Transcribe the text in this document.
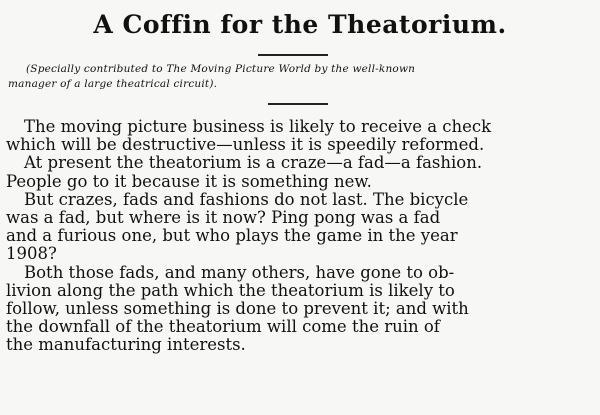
A Coffin for the Theatorium.
(Specially contributed to The Moving Picture World by the well-known
manager of a large theatrical circuit).
The moving picture business is likely to receive a check
which will be destructive—unless it is speedily reformed.
At present the theatorium is a craze—a fad—a fashion.
People go to it because it is something new.
But crazes, fads and fashions do not last. The bicycle
was a fad, but where is it now? Ping pong was a fad
and a furious one, but who plays the game in the year
1908?
Both those fads, and many others, have gone to ob-
livion along the path which the theatorium is likely to
follow, unless something is done to prevent it; and with
the downfall of the theatorium will come the ruin of
the manufacturing interests.
